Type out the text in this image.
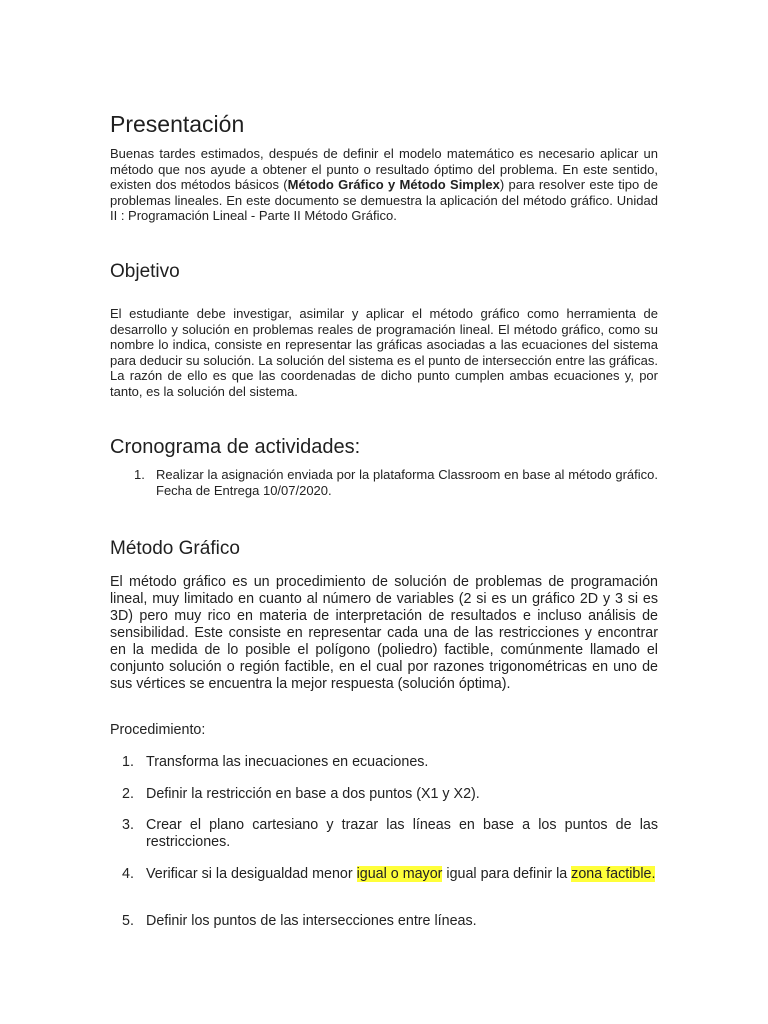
Presentación

Buenas tardes estimados, después de definir el modelo matemático es necesario aplicar un método que nos ayude a obtener el punto o resultado óptimo del problema. En este sentido, existen dos métodos básicos (Método Gráfico y Método Simplex) para resolver este tipo de problemas lineales. En este documento se demuestra la aplicación del método gráfico. Unidad II : Programación Lineal - Parte II Método Gráfico.

Objetivo

El estudiante debe investigar, asimilar y aplicar el método gráfico como herramienta de desarrollo y solución en problemas reales de programación lineal. El método gráfico, como su nombre lo indica, consiste en representar las gráficas asociadas a las ecuaciones del sistema para deducir su solución. La solución del sistema es el punto de intersección entre las gráficas. La razón de ello es que las coordenadas de dicho punto cumplen ambas ecuaciones y, por tanto, es la solución del sistema.

Cronograma de actividades:
1. Realizar la asignación enviada por la plataforma Classroom en base al método gráfico. Fecha de Entrega 10/07/2020.
Método Gráfico

El método gráfico es un procedimiento de solución de problemas de programación lineal, muy limitado en cuanto al número de variables (2 si es un gráfico 2D y 3 si es 3D) pero muy rico en materia de interpretación de resultados e incluso análisis de sensibilidad. Este consiste en representar cada una de las restricciones y encontrar en la medida de lo posible el polígono (poliedro) factible, comúnmente llamado el conjunto solución o región factible, en el cual por razones trigonométricas en uno de sus vértices se encuentra la mejor respuesta (solución óptima).

Procedimiento:

1. Transforma las inecuaciones en ecuaciones.
2. Definir la restricción en base a dos puntos (X1 y X2).
3. Crear el plano cartesiano y trazar las líneas en base a los puntos de las restricciones.
4. Verificar si la desigualdad menor igual o mayor igual para definir la zona factible.
5. Definir los puntos de las intersecciones entre líneas.
